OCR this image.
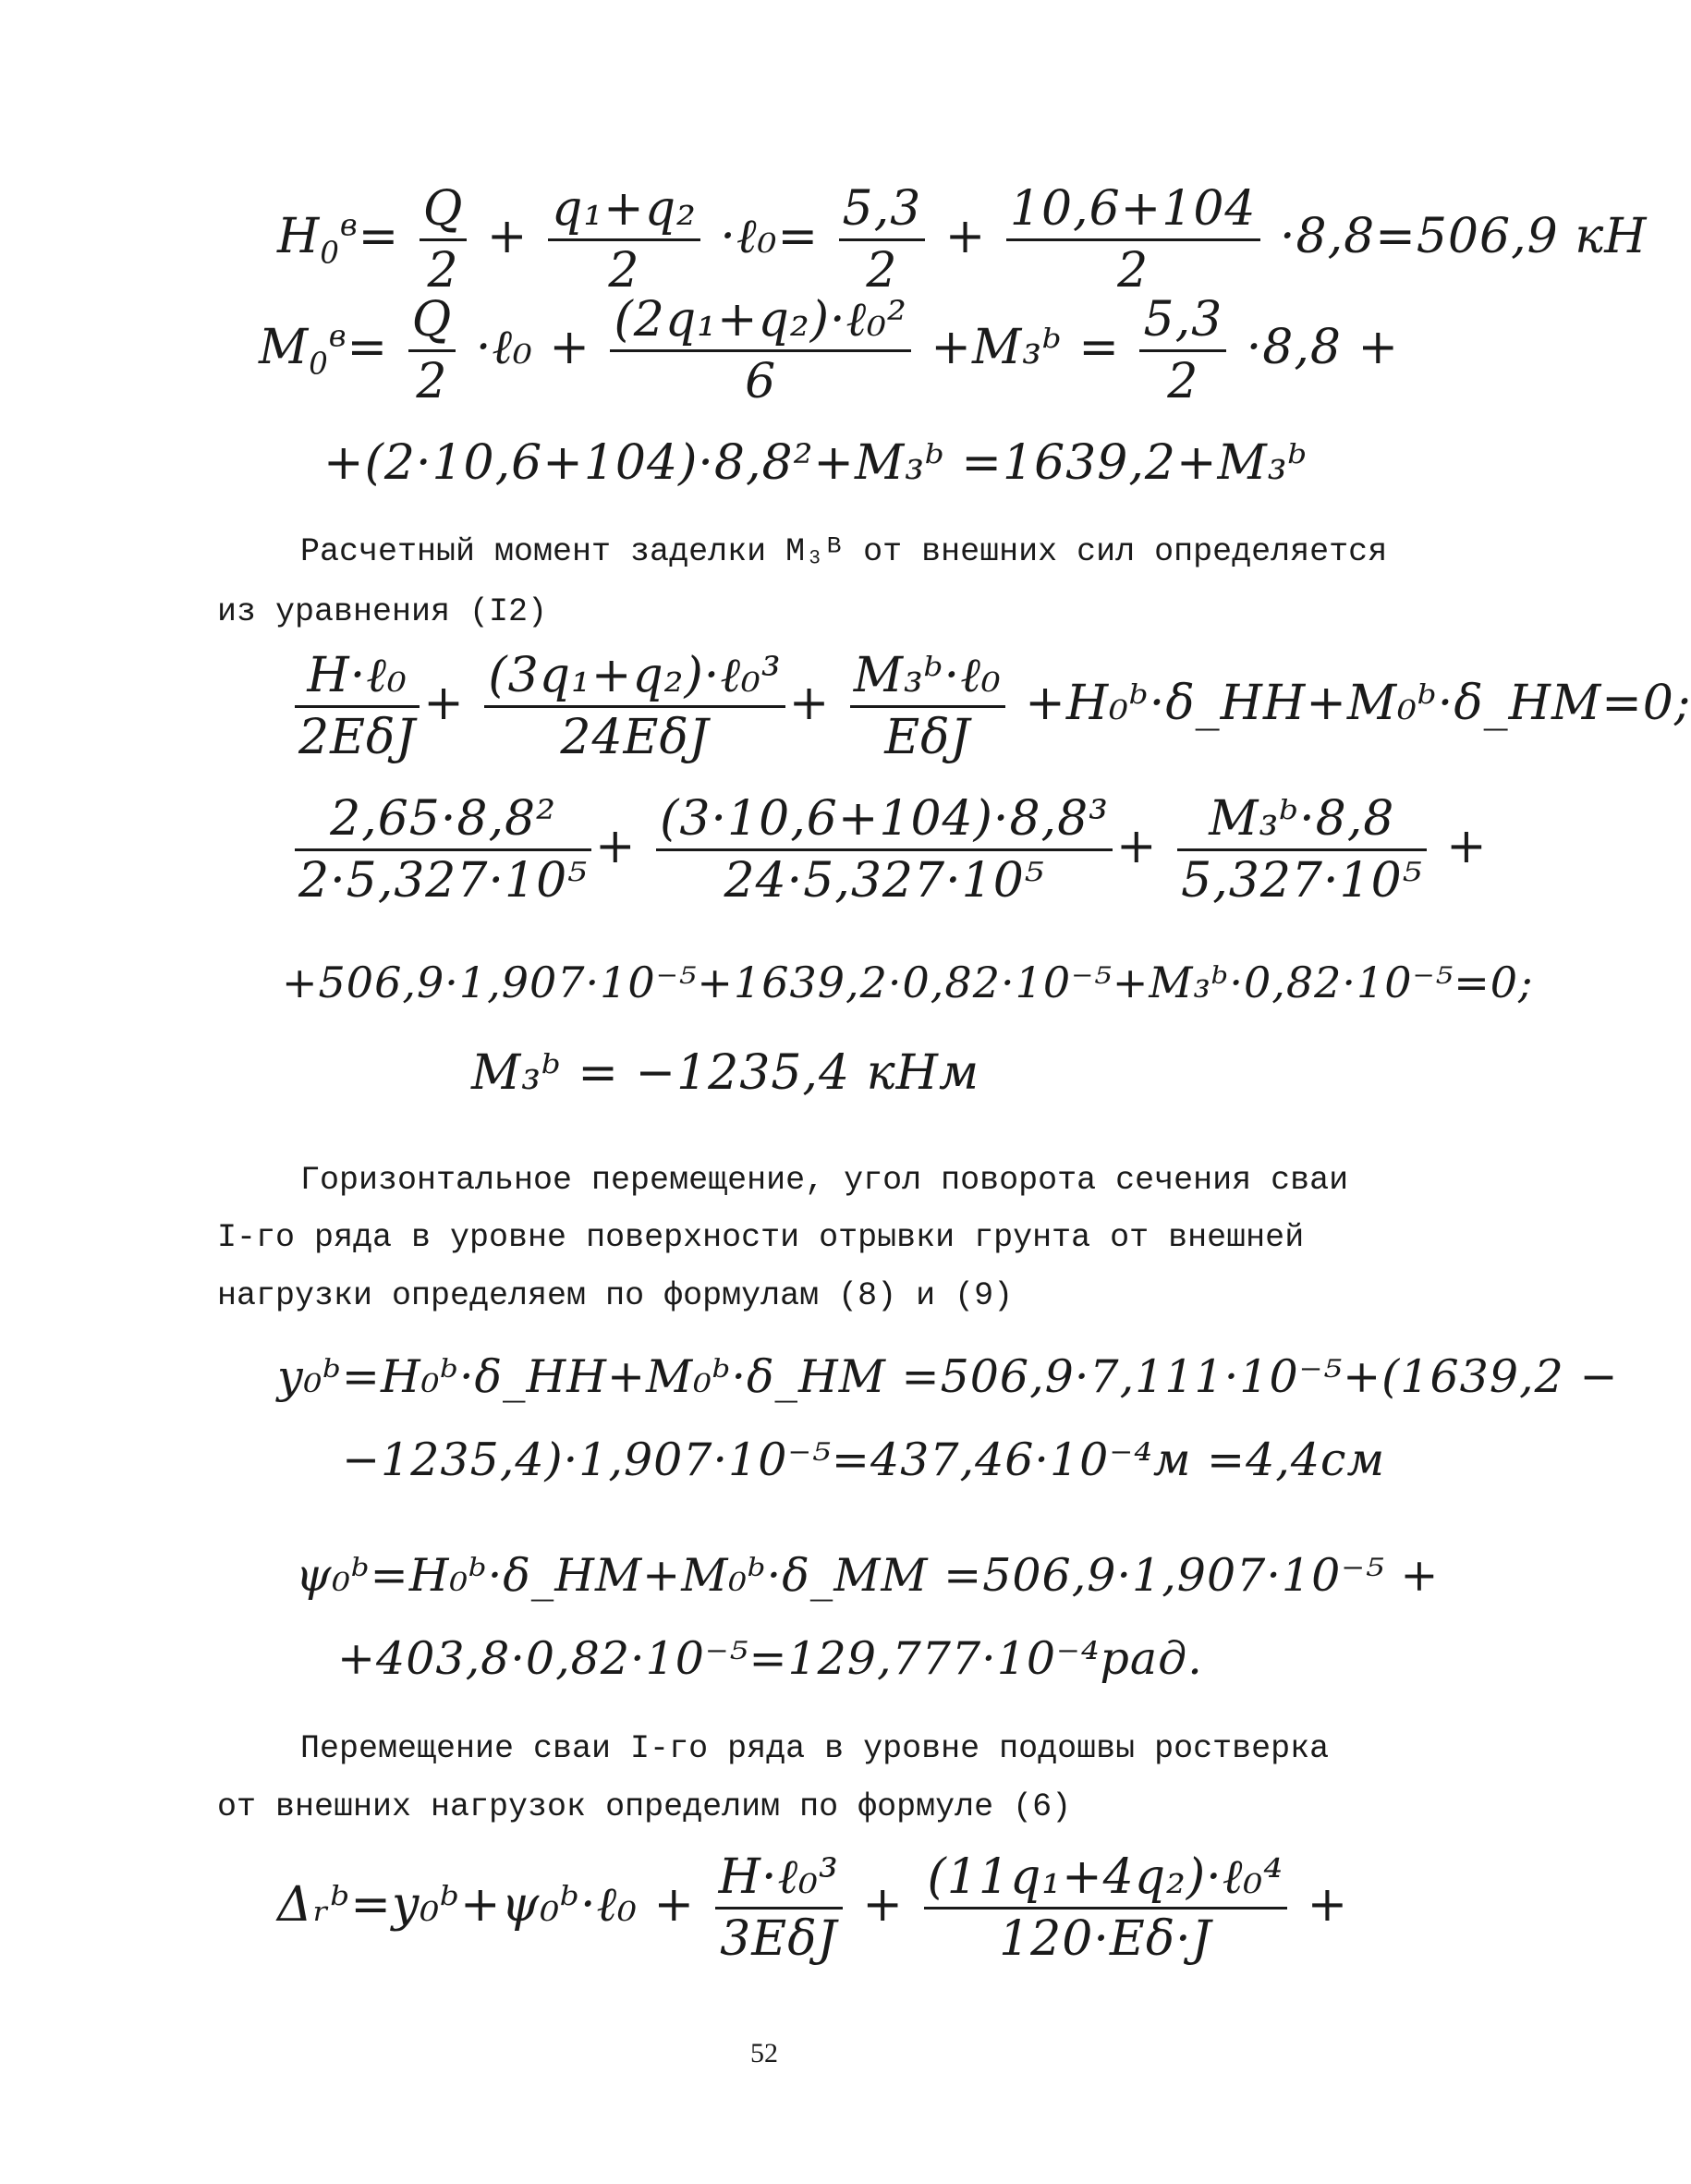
$H_0^в= \frac{Q}{2} + \frac{\text{q₁+q₂}}{2}$ ·ℓ₀= $\frac{5,3}{2} + \frac{10,6+104}{2} \cdot 8,8=506,9$ кН
$M_0^в= \frac{Q}{2}$ ·ℓ₀ + $\frac{\text{(2q₁+q₂)·ℓ₀²}}{6}$ +M₃ᵇ = $\frac{5,3}{2} \cdot 8,8$ +
+(2·10,6+104)·8,8²+M₃ᵇ =1639,2+M₃ᵇ
Расчетный момент заделки M₃ᴮ от внешних сил определяется
из уравнения (I2)
$\frac{\text{H·ℓ₀}}{\text{2EδJ}} + \frac{\text{(3q₁+q₂)·ℓ₀³}}{\text{24EδJ}} + \frac{\text{M₃ᵇ·ℓ₀}}{\text{EδJ}}$ +H₀ᵇ·δ_HH+M₀ᵇ·δ_HM=0;
$\frac{\text{2,65·8,8²}}{\text{2·5,327·10⁵}} + \frac{\text{(3·10,6+104)·8,8³}}{\text{24·5,327·10⁵}} + \frac{\text{M₃ᵇ·8,8}}{\text{5,327·10⁵}}$ +
+506,9·1,907·10⁻⁵+1639,2·0,82·10⁻⁵+M₃ᵇ·0,82·10⁻⁵=0;
M₃ᵇ = −1235,4 кНм
Горизонтальное перемещение, угол поворота сечения сваи
I-го ряда в уровне поверхности отрывки грунта от внешней
нагрузки определяем по формулам (8) и (9)
y₀ᵇ=H₀ᵇ·δ_HH+M₀ᵇ·δ_HM =506,9·7,111·10⁻⁵+(1639,2 −
−1235,4)·1,907·10⁻⁵=437,46·10⁻⁴м =4,4см
ψ₀ᵇ=H₀ᵇ·δ_HM+M₀ᵇ·δ_MM =506,9·1,907·10⁻⁵ +
+403,8·0,82·10⁻⁵=129,777·10⁻⁴рад.
Перемещение сваи I-го ряда в уровне подошвы ростверка
от внешних нагрузок определим по формуле (6)
Δᵣᵇ=y₀ᵇ+ψ₀ᵇ·ℓ₀ + $\frac{\text{H·ℓ₀³}}{\text{3EδJ}} + \frac{\text{(11q₁+4q₂)·ℓ₀⁴}}{120\cdot E\delta\cdot J}$ +
52
